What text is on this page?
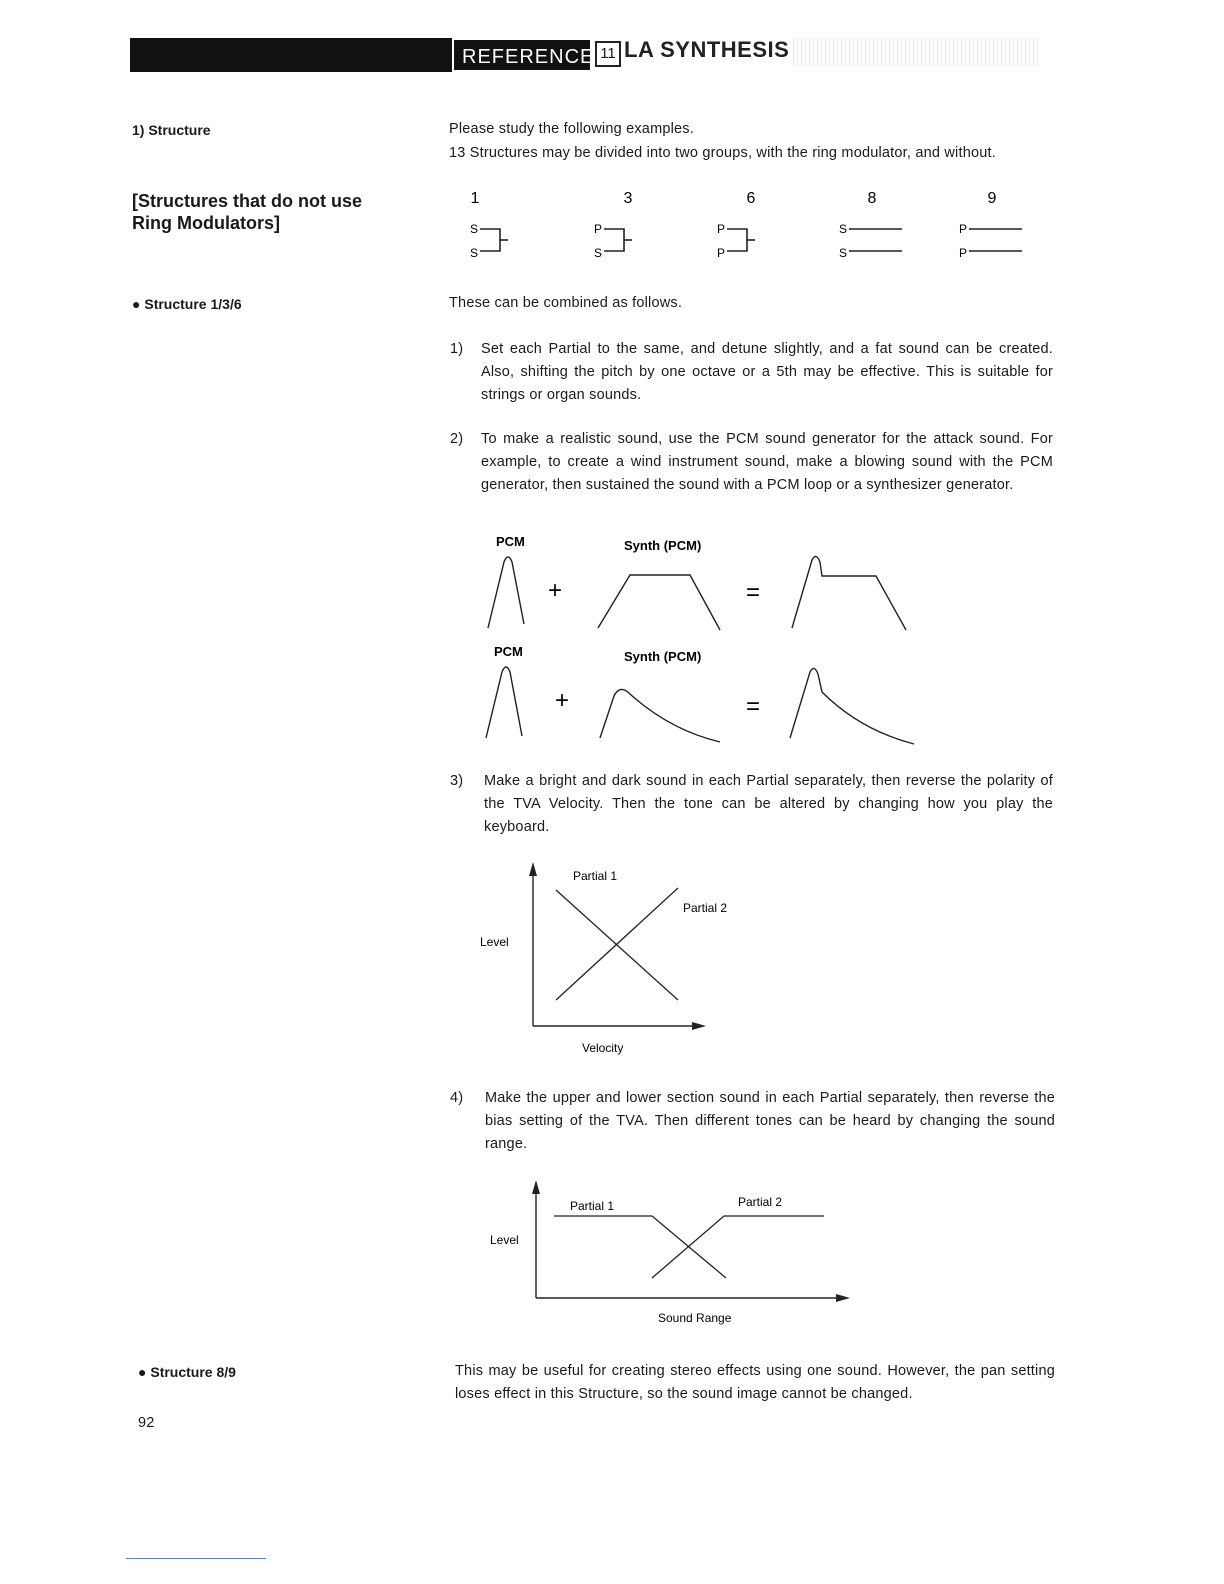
REFERENCE 11 LA SYNTHESIS
1) Structure
[Structures that do not use Ring Modulators]
● Structure 1/3/6
● Structure 8/9
92
Please study the following examples.
13 Structures may be divided into two groups, with the ring modulator, and without.
1
S
S
3
P
S
6
P
P
8
S
S
9
P
P
These can be combined as follows.
1) Set each Partial to the same, and detune slightly, and a fat sound can be created. Also, shifting the pitch by one octave or a 5th may be effective. This is suitable for strings or organ sounds.
2) To make a realistic sound, use the PCM sound generator for the attack sound. For example, to create a wind instrument sound, make a blowing sound with the PCM generator, then sustained the sound with a PCM loop or a synthesizer generator.
PCM	Synth (PCM)
+	=
PCM	Synth (PCM)
+	=
3) Make a bright and dark sound in each Partial separately, then reverse the polarity of the TVA Velocity. Then the tone can be altered by changing how you play the keyboard.
Partial 1
Partial 2
Level
Velocity
4) Make the upper and lower section sound in each Partial separately, then reverse the bias setting of the TVA. Then different tones can be heard by changing the sound range.
Partial 1	Partial 2
Level
Sound Range
This may be useful for creating stereo effects using one sound. However, the pan setting loses effect in this Structure, so the sound image cannot be changed.
